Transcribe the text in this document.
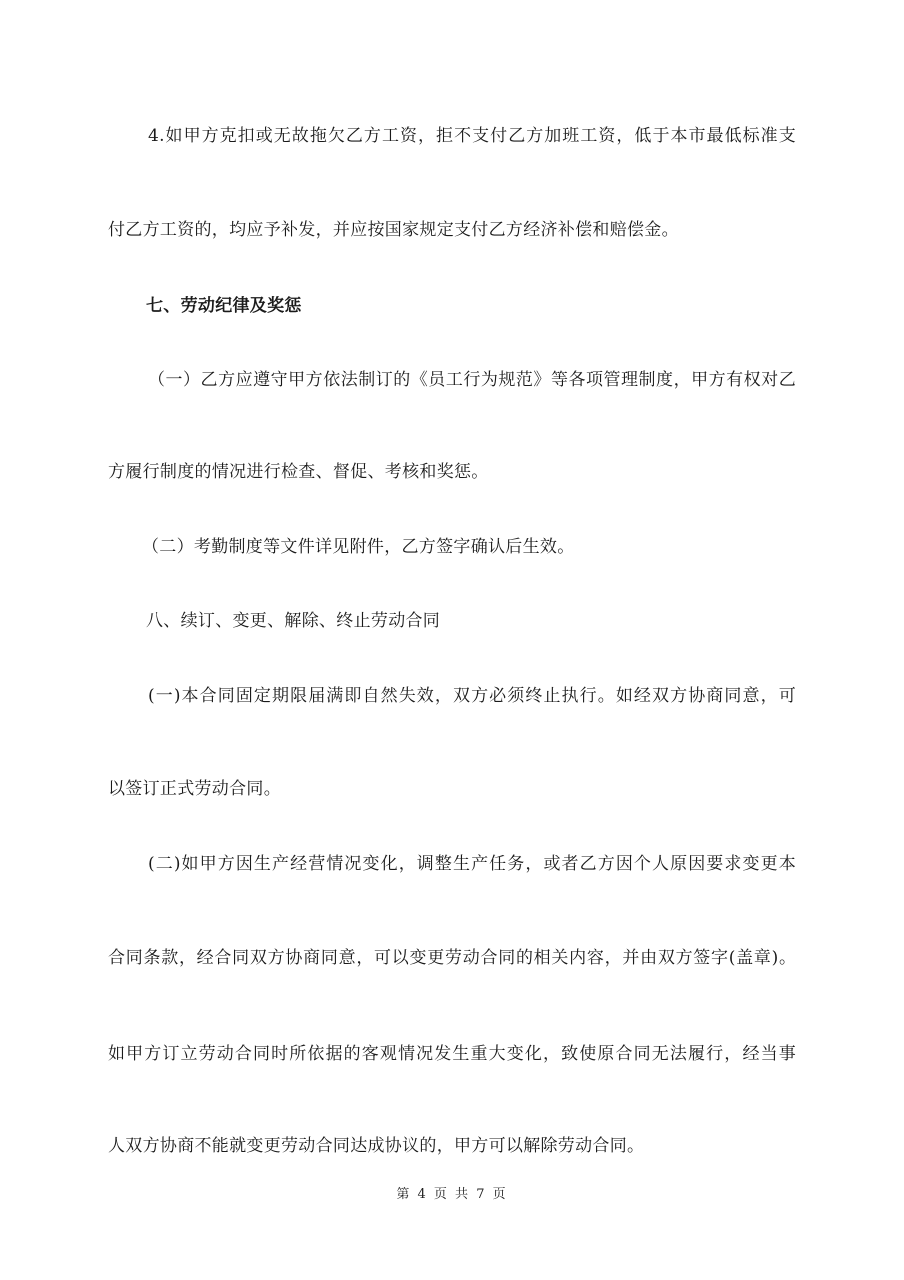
4.如甲方克扣或无故拖欠乙方工资，拒不支付乙方加班工资，低于本市最低标准支
付乙方工资的，均应予补发，并应按国家规定支付乙方经济补偿和赔偿金。
七、劳动纪律及奖惩
（一）乙方应遵守甲方依法制订的《员工行为规范》等各项管理制度，甲方有权对乙
方履行制度的情况进行检查、督促、考核和奖惩。
（二）考勤制度等文件详见附件，乙方签字确认后生效。
八、续订、变更、解除、终止劳动合同
(一)本合同固定期限届满即自然失效，双方必须终止执行。如经双方协商同意，可
以签订正式劳动合同。
(二)如甲方因生产经营情况变化，调整生产任务，或者乙方因个人原因要求变更本
合同条款，经合同双方协商同意，可以变更劳动合同的相关内容，并由双方签字(盖章)。
如甲方订立劳动合同时所依据的客观情况发生重大变化，致使原合同无法履行，经当事
人双方协商不能就变更劳动合同达成协议的，甲方可以解除劳动合同。
第 4 页 共 7 页
